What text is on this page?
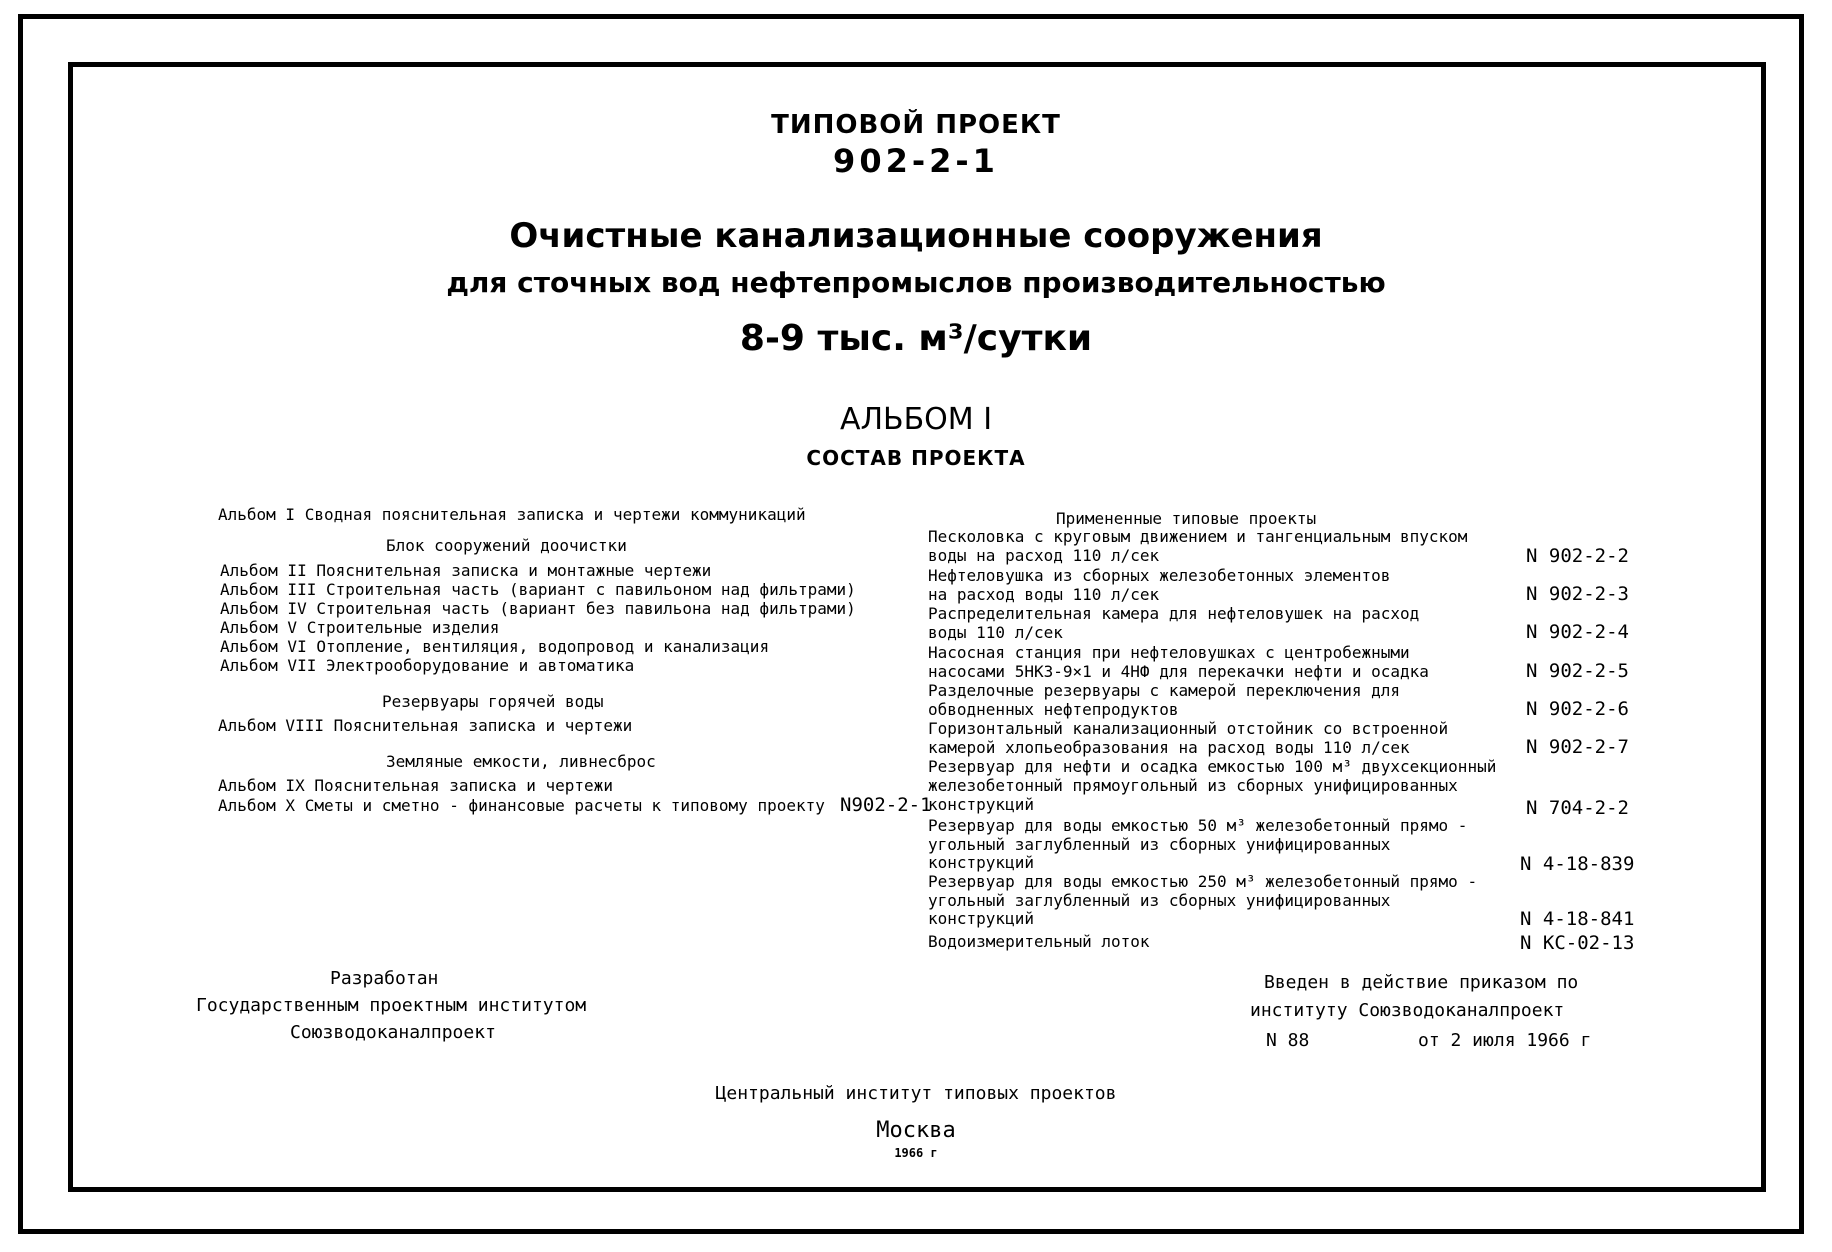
ТИПОВОЙ ПРОЕКТ
902-2-1
Очистные канализационные сооружения
для сточных вод нефтепромыслов производительностью
8-9 тыс. м³/сутки
АЛЬБОМ I
СОСТАВ ПРОЕКТА
Альбом I Сводная пояснительная записка и чертежи коммуникаций
Блок сооружений доочистки
Альбом II Пояснительная записка и монтажные чертежи
Альбом III Строительная часть (вариант с павильоном над фильтрами)
Альбом IV Строительная часть (вариант без павильона над фильтрами)
Альбом V Строительные изделия
Альбом VI Отопление, вентиляция, водопровод и канализация
Альбом VII Электрооборудование и автоматика
Резервуары горячей воды
Альбом VIII Пояснительная записка и чертежи
Земляные емкости, ливнесброс
Альбом IX Пояснительная записка и чертежи
Альбом X Сметы и сметно - финансовые расчеты к типовому проекту N902-2-1
Примененные типовые проекты
Песколовка с круговым движением и тангенциальным впуском
воды на расход 110 л/сек
Нефтеловушка из сборных железобетонных элементов
на расход воды 110 л/сек
Распределительная камера для нефтеловушек на расход
воды 110 л/сек
Насосная станция при нефтеловушках с центробежными
насосами 5НКЗ-9×1 и 4НФ для перекачки нефти и осадка
Разделочные резервуары с камерой переключения для
обводненных нефтепродуктов
Горизонтальный канализационный отстойник со встроенной
камерой хлопьеобразования на расход воды 110 л/сек
Резервуар для нефти и осадка емкостью 100 м³ двухсекционный
железобетонный прямоугольный из сборных унифицированных
конструкций
Резервуар для воды емкостью 50 м³ железобетонный прямо -
угольный заглубленный из сборных унифицированных
конструкций
Резервуар для воды емкостью 250 м³ железобетонный прямо -
угольный заглубленный из сборных унифицированных
конструкций
Водоизмерительный лоток
N 902-2-2
N 902-2-3
N 902-2-4
N 902-2-5
N 902-2-6
N 902-2-7
N 704-2-2
N 4-18-839
N 4-18-841
N КС-02-13
Разработан
Государственным проектным институтом
Союзводоканалпроект
Введен в действие приказом по
институту Союзводоканалпроект
N 88	от 2 июля 1966 г
Центральный институт типовых проектов
Москва
1966 г
